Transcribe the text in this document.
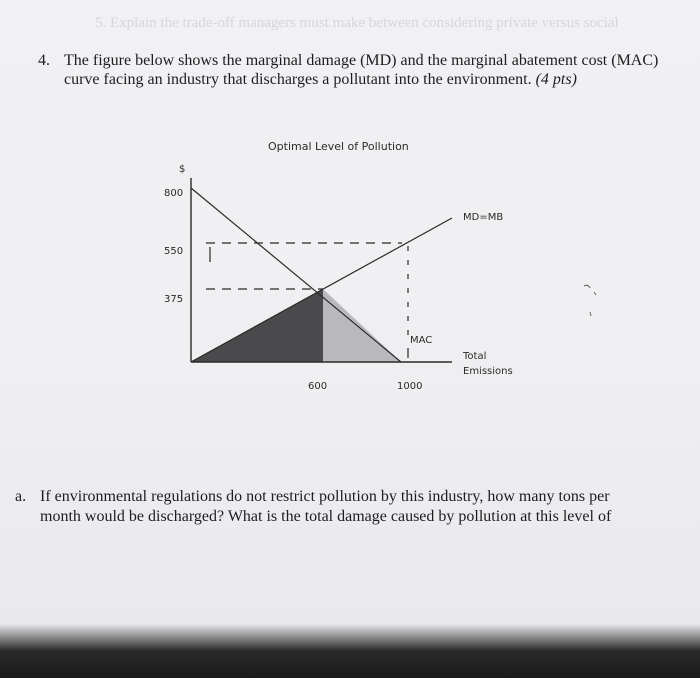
5. Explain the trade-off managers must make between considering private versus social
4. The figure below shows the marginal damage (MD) and the marginal abatement cost (MAC) curve facing an industry that discharges a pollutant into the environment. (4 pts)
Optimal Level of Pollution
$
800
550
375
MD=MB
MAC
Total
Emissions
600	1000
a. If environmental regulations do not restrict pollution by this industry, how many tons per
month would be discharged? What is the total damage caused by pollution at this level of
